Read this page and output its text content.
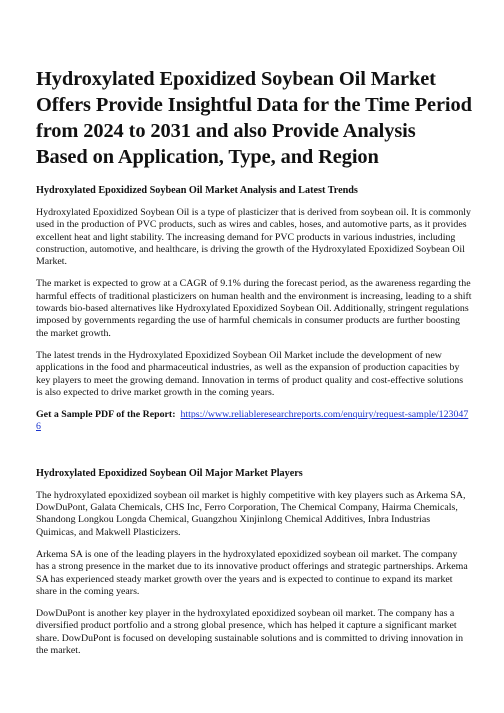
Hydroxylated Epoxidized Soybean Oil Market Offers Provide Insightful Data for the Time Period from 2024 to 2031 and also Provide Analysis Based on Application, Type, and Region
Hydroxylated Epoxidized Soybean Oil Market Analysis and Latest Trends

Hydroxylated Epoxidized Soybean Oil is a type of plasticizer that is derived from soybean oil. It is commonly used in the production of PVC products, such as wires and cables, hoses, and automotive parts, as it provides excellent heat and light stability. The increasing demand for PVC products in various industries, including construction, automotive, and healthcare, is driving the growth of the Hydroxylated Epoxidized Soybean Oil Market.

The market is expected to grow at a CAGR of 9.1% during the forecast period, as the awareness regarding the harmful effects of traditional plasticizers on human health and the environment is increasing, leading to a shift towards bio-based alternatives like Hydroxylated Epoxidized Soybean Oil. Additionally, stringent regulations imposed by governments regarding the use of harmful chemicals in consumer products are further boosting the market growth.

The latest trends in the Hydroxylated Epoxidized Soybean Oil Market include the development of new applications in the food and pharmaceutical industries, as well as the expansion of production capacities by key players to meet the growing demand. Innovation in terms of product quality and cost-effective solutions is also expected to drive market growth in the coming years.

Get a Sample PDF of the Report: https://www.reliableresearchreports.com/enquiry/request-sample/1230476

Hydroxylated Epoxidized Soybean Oil Major Market Players

The hydroxylated epoxidized soybean oil market is highly competitive with key players such as Arkema SA, DowDuPont, Galata Chemicals, CHS Inc, Ferro Corporation, The Chemical Company, Hairma Chemicals, Shandong Longkou Longda Chemical, Guangzhou Xinjinlong Chemical Additives, Inbra Industrias Quimicas, and Makwell Plasticizers.

Arkema SA is one of the leading players in the hydroxylated epoxidized soybean oil market. The company has a strong presence in the market due to its innovative product offerings and strategic partnerships. Arkema SA has experienced steady market growth over the years and is expected to continue to expand its market share in the coming years.

DowDuPont is another key player in the hydroxylated epoxidized soybean oil market. The company has a diversified product portfolio and a strong global presence, which has helped it capture a significant market share. DowDuPont is focused on developing sustainable solutions and is committed to driving innovation in the market.
